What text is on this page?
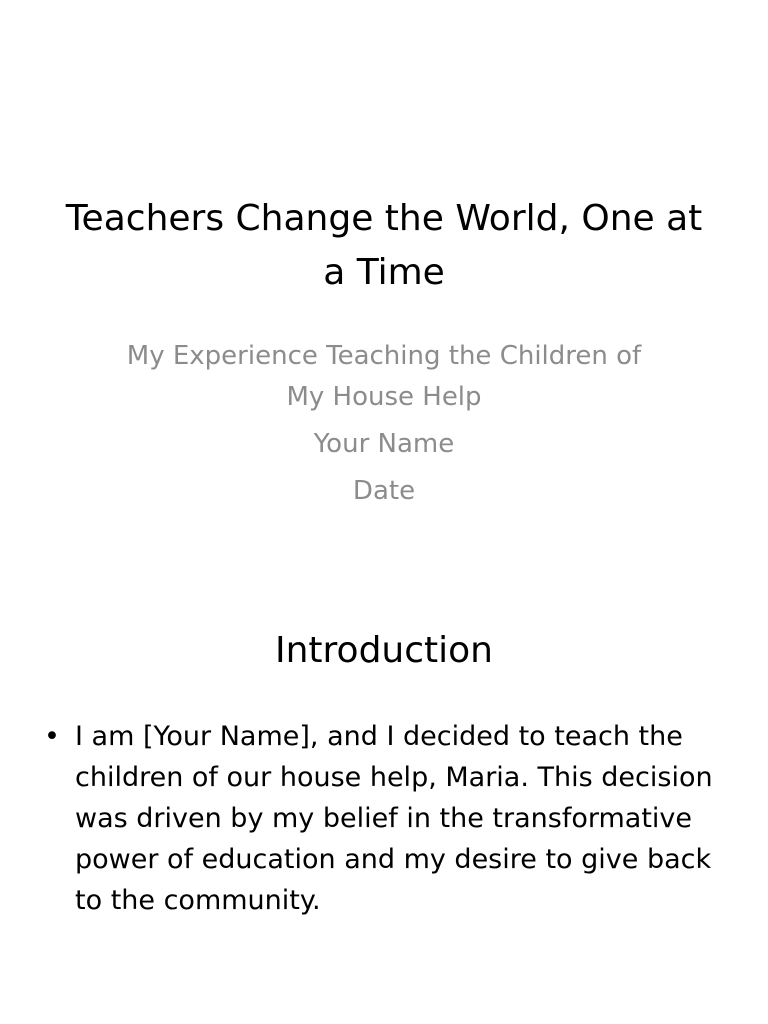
Teachers Change the World, One at a Time

My Experience Teaching the Children of My House Help

Your Name

Date

Introduction
• I am [Your Name], and I decided to teach the children of our house help, Maria. This decision was driven by my belief in the transformative power of education and my desire to give back to the community.
